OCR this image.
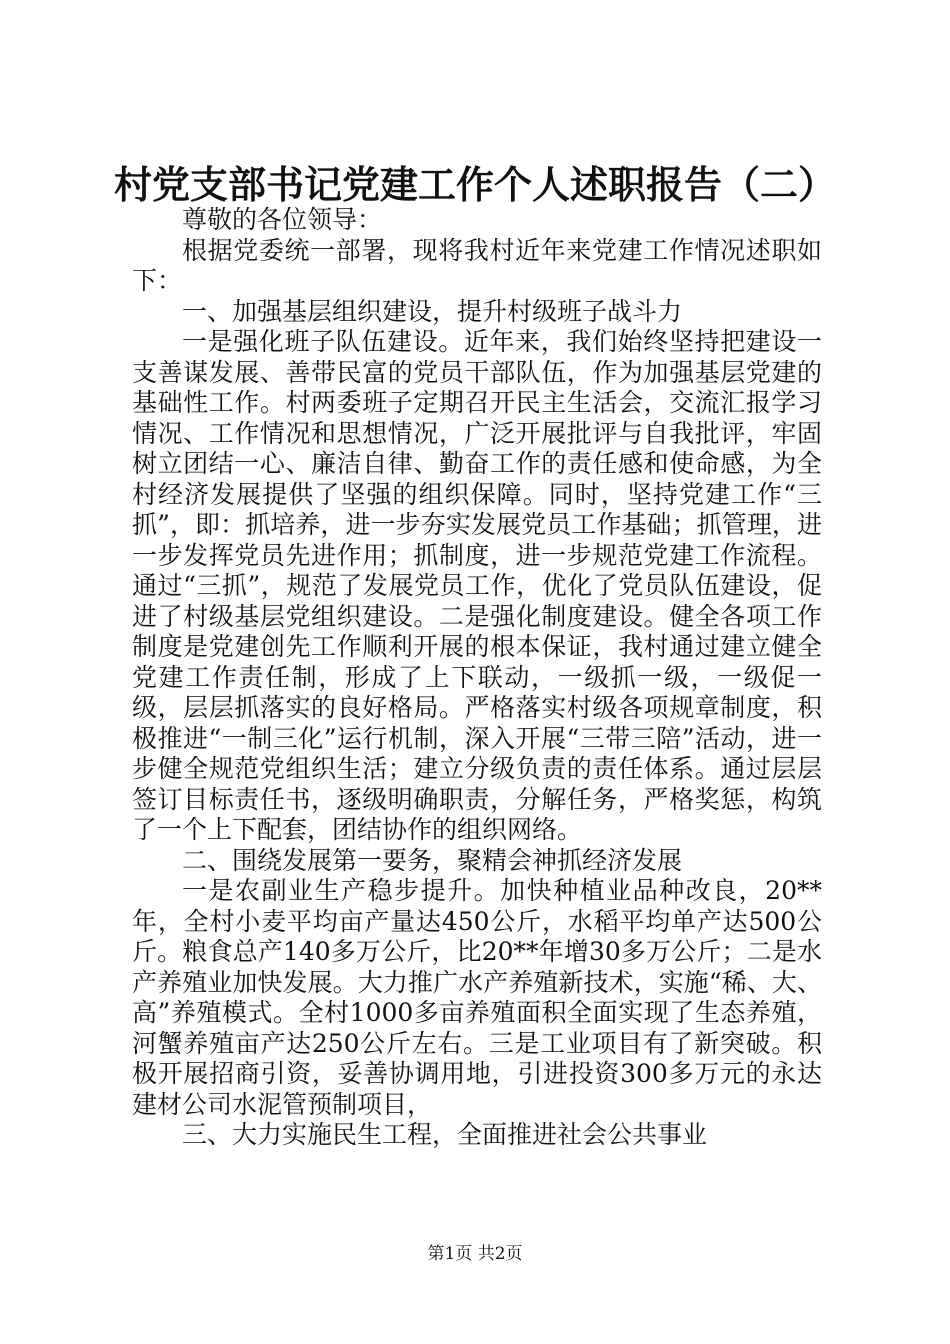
村党支部书记党建工作个人述职报告（二）

尊敬的各位领导：

根据党委统一部署，现将我村近年来党建工作情况述职如下：

一、加强基层组织建设，提升村级班子战斗力

一是强化班子队伍建设。近年来，我们始终坚持把建设一支善谋发展、善带民富的党员干部队伍，作为加强基层党建的基础性工作。村两委班子定期召开民主生活会，交流汇报学习情况、工作情况和思想情况，广泛开展批评与自我批评，牢固树立团结一心、廉洁自律、勤奋工作的责任感和使命感，为全村经济发展提供了坚强的组织保障。同时，坚持党建工作“三抓”，即：抓培养，进一步夯实发展党员工作基础；抓管理，进一步发挥党员先进作用；抓制度，进一步规范党建工作流程。通过“三抓”，规范了发展党员工作，优化了党员队伍建设，促进了村级基层党组织建设。二是强化制度建设。健全各项工作制度是党建创先工作顺利开展的根本保证，我村通过建立健全党建工作责任制，形成了上下联动，一级抓一级，一级促一级，层层抓落实的良好格局。严格落实村级各项规章制度，积极推进“一制三化”运行机制，深入开展“三带三陪”活动，进一步健全规范党组织生活；建立分级负责的责任体系。通过层层签订目标责任书，逐级明确职责，分解任务，严格奖惩，构筑了一个上下配套，团结协作的组织网络。

二、围绕发展第一要务，聚精会神抓经济发展

一是农副业生产稳步提升。加快种植业品种改良，20**年，全村小麦平均亩产量达450公斤，水稻平均单产达500公斤。粮食总产140多万公斤，比20**年增30多万公斤；二是水产养殖业加快发展。大力推广水产养殖新技术，实施“稀、大、高”养殖模式。全村1000多亩养殖面积全面实现了生态养殖，河蟹养殖亩产达250公斤左右。三是工业项目有了新突破。积极开展招商引资，妥善协调用地，引进投资300多万元的永达建材公司水泥管预制项目，

三、大力实施民生工程，全面推进社会公共事业

第1页 共2页
